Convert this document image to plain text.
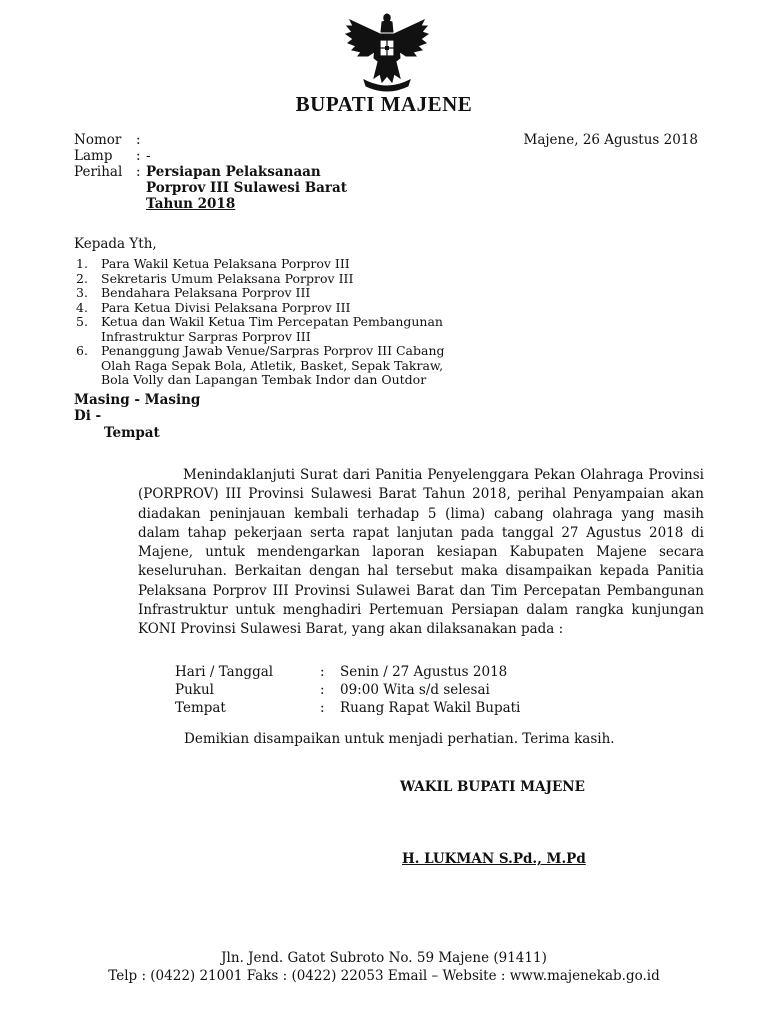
BUPATI MAJENE
Nomor :
Lamp : -
Perihal : Persiapan Pelaksanaan
Porprov III Sulawesi Barat
Tahun 2018
Majene, 26 Agustus 2018
Kepada Yth,
1. Para Wakil Ketua Pelaksana Porprov III
2. Sekretaris Umum Pelaksana Porprov III
3. Bendahara Pelaksana Porprov III
4. Para Ketua Divisi Pelaksana Porprov III
5. Ketua dan Wakil Ketua Tim Percepatan Pembangunan
Infrastruktur Sarpras Porprov III
6. Penanggung Jawab Venue/Sarpras Porprov III Cabang
Olah Raga Sepak Bola, Atletik, Basket, Sepak Takraw,
Bola Volly dan Lapangan Tembak Indor dan Outdor
Masing - Masing
Di -
Tempat
Menindaklanjuti Surat dari Panitia Penyelenggara Pekan Olahraga Provinsi (PORPROV) III Provinsi Sulawesi Barat Tahun 2018, perihal Penyampaian akan diadakan peninjauan kembali terhadap 5 (lima) cabang olahraga yang masih dalam tahap pekerjaan serta rapat lanjutan pada tanggal 27 Agustus 2018 di Majene, untuk mendengarkan laporan kesiapan Kabupaten Majene secara keseluruhan. Berkaitan dengan hal tersebut maka disampaikan kepada Panitia Pelaksana Porprov III Provinsi Sulawei Barat dan Tim Percepatan Pembangunan Infrastruktur untuk menghadiri Pertemuan Persiapan dalam rangka kunjungan KONI Provinsi Sulawesi Barat, yang akan dilaksanakan pada :
Hari / Tanggal	: Senin / 27 Agustus 2018
Pukul	: 09:00 Wita s/d selesai
Tempat	: Ruang Rapat Wakil Bupati
Demikian disampaikan untuk menjadi perhatian. Terima kasih.
WAKIL BUPATI MAJENE
H. LUKMAN S.Pd., M.Pd
Jln. Jend. Gatot Subroto No. 59 Majene (91411)
Telp : (0422) 21001 Faks : (0422) 22053 Email – Website : www.majenekab.go.id
